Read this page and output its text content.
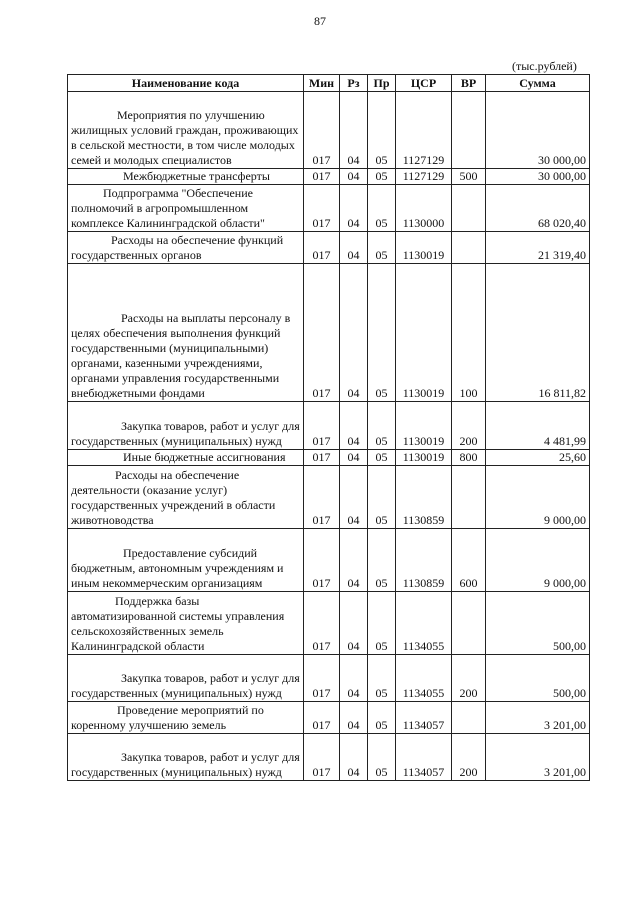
87
(тыс.рублей)
Наименование кода	Мин	Рз	Пр	ЦСР	ВР	Сумма
Мероприятия по улучшению жилищных условий граждан, проживающих в сельской местности, в том числе молодых семей и молодых специалистов	017	04	05	1127129		30 000,00
Межбюджетные трансферты	017	04	05	1127129	500	30 000,00
Подпрограмма "Обеспечение полномочий в агропромышленном комплексе Калининградской области"	017	04	05	1130000		68 020,40
Расходы на обеспечение функций государственных органов	017	04	05	1130019		21 319,40
Расходы на выплаты персоналу в целях обеспечения выполнения функций государственными (муниципальными) органами, казенными учреждениями, органами управления государственными внебюджетными фондами	017	04	05	1130019	100	16 811,82
Закупка товаров, работ и услуг для государственных (муниципальных) нужд	017	04	05	1130019	200	4 481,99
Иные бюджетные ассигнования	017	04	05	1130019	800	25,60
Расходы на обеспечение деятельности (оказание услуг) государственных учреждений в области животноводства	017	04	05	1130859		9 000,00
Предоставление субсидий бюджетным, автономным учреждениям и иным некоммерческим организациям	017	04	05	1130859	600	9 000,00
Поддержка базы автоматизированной системы управления сельскохозяйственных земель Калининградской области	017	04	05	1134055		500,00
Закупка товаров, работ и услуг для государственных (муниципальных) нужд	017	04	05	1134055	200	500,00
Проведение мероприятий по коренному улучшению земель	017	04	05	1134057		3 201,00
Закупка товаров, работ и услуг для государственных (муниципальных) нужд	017	04	05	1134057	200	3 201,00
